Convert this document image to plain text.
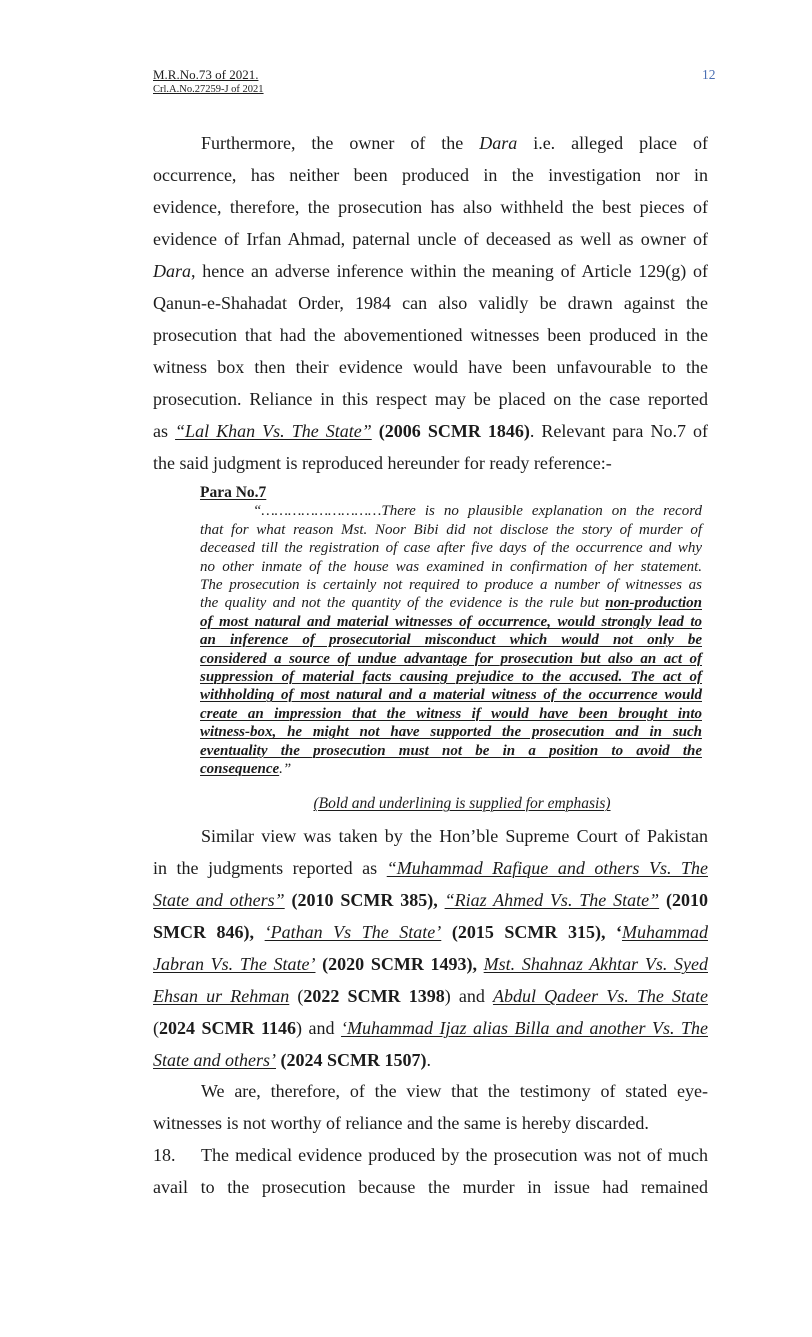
M.R.No.73 of 2021.
Crl.A.No.27259-J of 2021
12
Furthermore, the owner of the Dara i.e. alleged place of
occurrence, has neither been produced in the investigation nor in
evidence, therefore, the prosecution has also withheld the best pieces of
evidence of Irfan Ahmad, paternal uncle of deceased as well as owner of
Dara, hence an adverse inference within the meaning of Article 129(g) of
Qanun-e-Shahadat Order, 1984 can also validly be drawn against the
prosecution that had the abovementioned witnesses been produced in the
witness box then their evidence would have been unfavourable to the
prosecution. Reliance in this respect may be placed on the case reported
as “Lal Khan Vs. The State” (2006 SCMR 1846). Relevant para No.7 of
the said judgment is reproduced hereunder for ready reference:-
Para No.7
“………………………There is no plausible explanation on the record
that for what reason Mst. Noor Bibi did not disclose the story of murder of
deceased till the registration of case after five days of the occurrence and why
no other inmate of the house was examined in confirmation of her statement.
The prosecution is certainly not required to produce a number of witnesses as
the quality and not the quantity of the evidence is the rule but non-production
of most natural and material witnesses of occurrence, would strongly lead to
an inference of prosecutorial misconduct which would not only be
considered a source of undue advantage for prosecution but also an act of
suppression of material facts causing prejudice to the accused. The act of
withholding of most natural and a material witness of the occurrence would
create an impression that the witness if would have been brought into
witness-box, he might not have supported the prosecution and in such
eventuality the prosecution must not be in a position to avoid the
consequence.”
(Bold and underlining is supplied for emphasis)
Similar view was taken by the Hon’ble Supreme Court of Pakistan
in the judgments reported as “Muhammad Rafique and others Vs. The
State and others” (2010 SCMR 385), “Riaz Ahmed Vs. The State” (2010
SMCR 846), ‘Pathan Vs The State’ (2015 SCMR 315), ‘Muhammad
Jabran Vs. The State’ (2020 SCMR 1493), Mst. Shahnaz Akhtar Vs. Syed
Ehsan ur Rehman (2022 SCMR 1398) and Abdul Qadeer Vs. The State
(2024 SCMR 1146) and ‘Muhammad Ijaz alias Billa and another Vs. The
State and others’ (2024 SCMR 1507).
We are, therefore, of the view that the testimony of stated eye-
witnesses is not worthy of reliance and the same is hereby discarded.
18. The medical evidence produced by the prosecution was not of much
avail to the prosecution because the murder in issue had remained
